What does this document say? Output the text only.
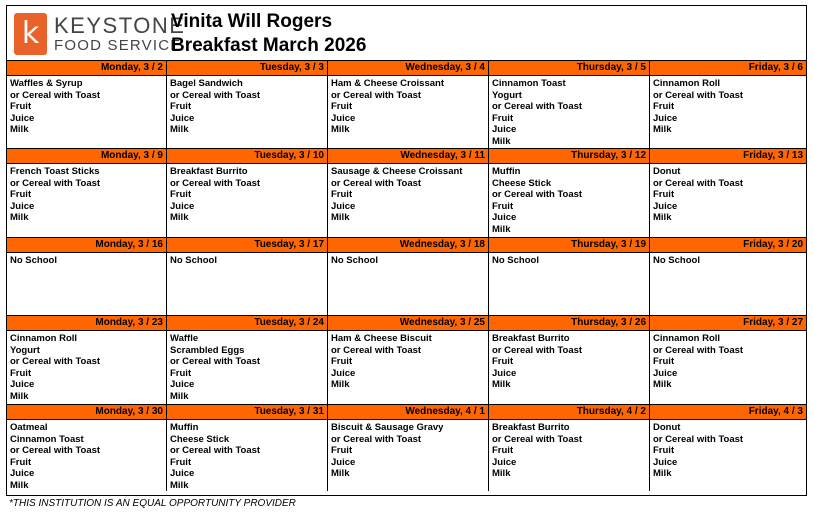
k KEYSTONE
FOOD SERVICE
Vinita Will Rogers
Breakfast March 2026
Monday, 3 / 2
Waffles & Syrup
or Cereal with Toast
Fruit
Juice
Milk
Tuesday, 3 / 3
Bagel Sandwich
or Cereal with Toast
Fruit
Juice
Milk
Wednesday, 3 / 4
Ham & Cheese Croissant
or Cereal with Toast
Fruit
Juice
Milk
Thursday, 3 / 5
Cinnamon Toast
Yogurt
or Cereal with Toast
Fruit
Juice
Milk
Friday, 3 / 6
Cinnamon Roll
or Cereal with Toast
Fruit
Juice
Milk
Monday, 3 / 9
French Toast Sticks
or Cereal with Toast
Fruit
Juice
Milk
Tuesday, 3 / 10
Breakfast Burrito
or Cereal with Toast
Fruit
Juice
Milk
Wednesday, 3 / 11
Sausage & Cheese Croissant
or Cereal with Toast
Fruit
Juice
Milk
Thursday, 3 / 12
Muffin
Cheese Stick
or Cereal with Toast
Fruit
Juice
Milk
Friday, 3 / 13
Donut
or Cereal with Toast
Fruit
Juice
Milk
Monday, 3 / 16
No School
Tuesday, 3 / 17
No School
Wednesday, 3 / 18
No School
Thursday, 3 / 19
No School
Friday, 3 / 20
No School
Monday, 3 / 23
Cinnamon Roll
Yogurt
or Cereal with Toast
Fruit
Juice
Milk
Tuesday, 3 / 24
Waffle
Scrambled Eggs
or Cereal with Toast
Fruit
Juice
Milk
Wednesday, 3 / 25
Ham & Cheese Biscuit
or Cereal with Toast
Fruit
Juice
Milk
Thursday, 3 / 26
Breakfast Burrito
or Cereal with Toast
Fruit
Juice
Milk
Friday, 3 / 27
Cinnamon Roll
or Cereal with Toast
Fruit
Juice
Milk
Monday, 3 / 30
Oatmeal
Cinnamon Toast
or Cereal with Toast
Fruit
Juice
Milk
Tuesday, 3 / 31
Muffin
Cheese Stick
or Cereal with Toast
Fruit
Juice
Milk
Wednesday, 4 / 1
Biscuit & Sausage Gravy
or Cereal with Toast
Fruit
Juice
Milk
Thursday, 4 / 2
Breakfast Burrito
or Cereal with Toast
Fruit
Juice
Milk
Friday, 4 / 3
Donut
or Cereal with Toast
Fruit
Juice
Milk
*THIS INSTITUTION IS AN EQUAL OPPORTUNITY PROVIDER
